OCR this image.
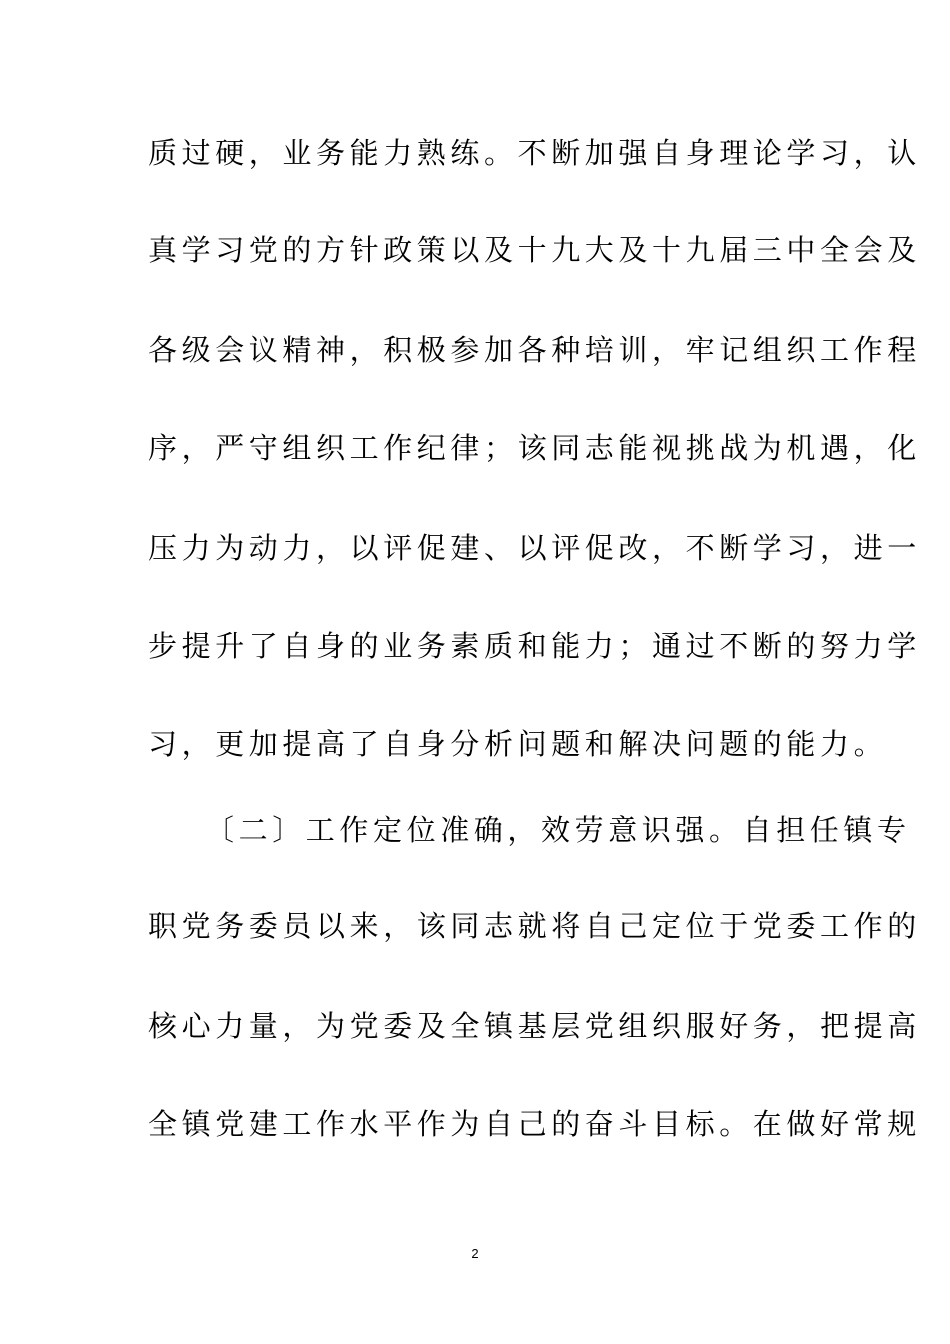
质过硬，业务能力熟练。不断加强自身理论学习，认
真学习党的方针政策以及十九大及十九届三中全会及
各级会议精神，积极参加各种培训，牢记组织工作程
序，严守组织工作纪律；该同志能视挑战为机遇，化
压力为动力，以评促建、以评促改，不断学习，进一
步提升了自身的业务素质和能力；通过不断的努力学
习，更加提高了自身分析问题和解决问题的能力。
〔二〕工作定位准确，效劳意识强。自担任镇专
职党务委员以来，该同志就将自己定位于党委工作的
核心力量，为党委及全镇基层党组织服好务，把提高
全镇党建工作水平作为自己的奋斗目标。在做好常规
2
